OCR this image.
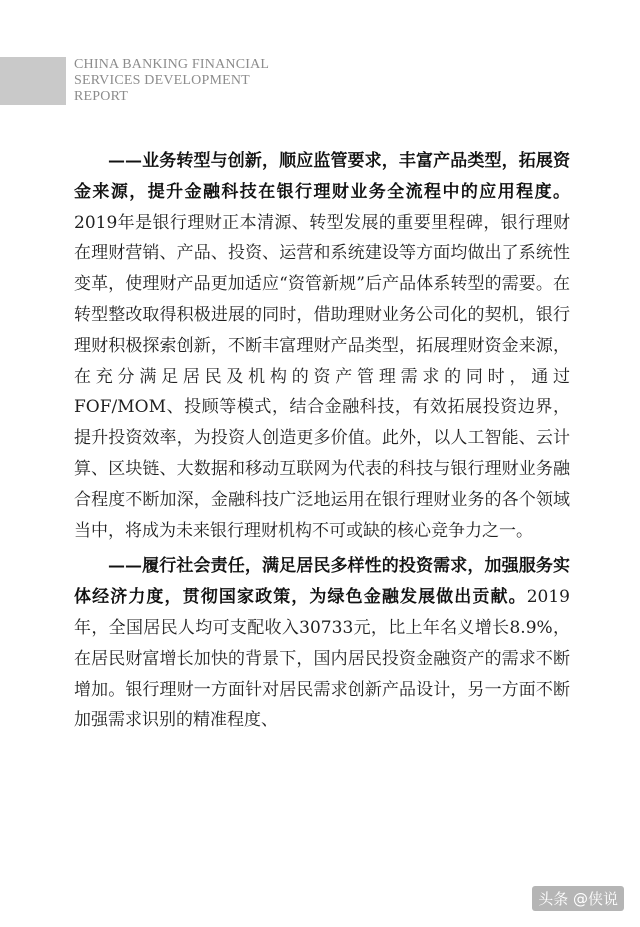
CHINA BANKING FINANCIAL
SERVICES DEVELOPMENT
REPORT

——业务转型与创新，顺应监管要求，丰富产品类型，拓展资金来源，提升金融科技在银行理财业务全流程中的应用程度。2019年是银行理财正本清源、转型发展的重要里程碑，银行理财在理财营销、产品、投资、运营和系统建设等方面均做出了系统性变革，使理财产品更加适应“资管新规”后产品体系转型的需要。在转型整改取得积极进展的同时，借助理财业务公司化的契机，银行理财积极探索创新，不断丰富理财产品类型，拓展理财资金来源，在充分满足居民及机构的资产管理需求的同时，通过FOF/MOM、投顾等模式，结合金融科技，有效拓展投资边界，提升投资效率，为投资人创造更多价值。此外，以人工智能、云计算、区块链、大数据和移动互联网为代表的科技与银行理财业务融合程度不断加深，金融科技广泛地运用在银行理财业务的各个领域当中，将成为未来银行理财机构不可或缺的核心竞争力之一。

——履行社会责任，满足居民多样性的投资需求，加强服务实体经济力度，贯彻国家政策，为绿色金融发展做出贡献。2019年，全国居民人均可支配收入30733元，比上年名义增长8.9%，在居民财富增长加快的背景下，国内居民投资金融资产的需求不断增加。银行理财一方面针对居民需求创新产品设计，另一方面不断加强需求识别的精准程度、

头条 @侠说
